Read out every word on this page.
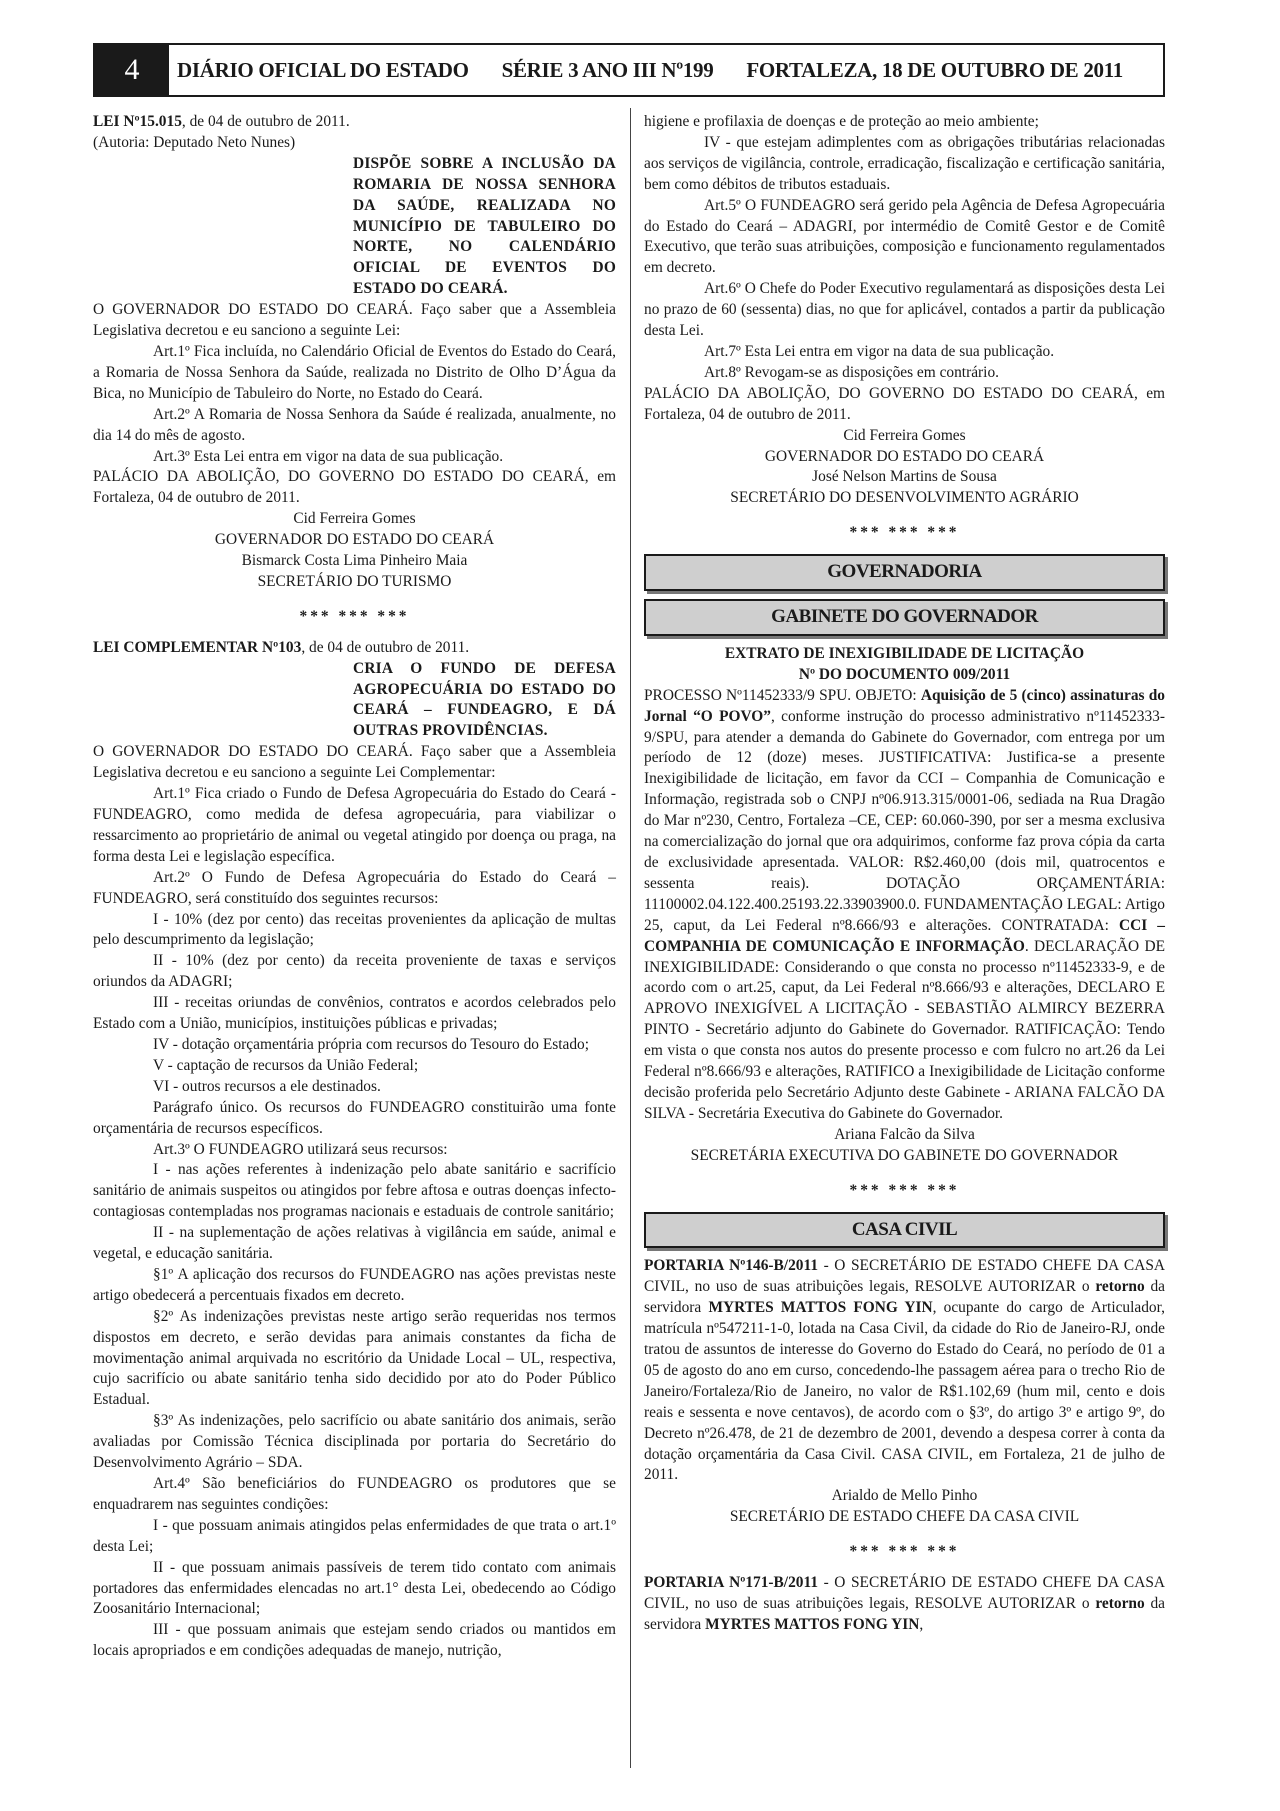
4	DIÁRIO OFICIAL DO ESTADO SÉRIE 3 ANO III Nº199 FORTALEZA, 18 DE OUTUBRO DE 2011

LEI Nº15.015, de 04 de outubro de 2011.

(Autoria: Deputado Neto Nunes)

DISPÕE SOBRE A INCLUSÃO DA ROMARIA DE NOSSA SENHORA DA SAÚDE, REALIZADA NO MUNICÍPIO DE TABULEIRO DO NORTE, NO CALENDÁRIO OFICIAL DE EVENTOS DO ESTADO DO CEARÁ.

O GOVERNADOR DO ESTADO DO CEARÁ. Faço saber que a Assembleia Legislativa decretou e eu sanciono a seguinte Lei:

Art.1º Fica incluída, no Calendário Oficial de Eventos do Estado do Ceará, a Romaria de Nossa Senhora da Saúde, realizada no Distrito de Olho D’Água da Bica, no Município de Tabuleiro do Norte, no Estado do Ceará.

Art.2º A Romaria de Nossa Senhora da Saúde é realizada, anualmente, no dia 14 do mês de agosto.

Art.3º Esta Lei entra em vigor na data de sua publicação.

PALÁCIO DA ABOLIÇÃO, DO GOVERNO DO ESTADO DO CEARÁ, em Fortaleza, 04 de outubro de 2011.

Cid Ferreira Gomes

GOVERNADOR DO ESTADO DO CEARÁ

Bismarck Costa Lima Pinheiro Maia

SECRETÁRIO DO TURISMO

*** *** ***

LEI COMPLEMENTAR Nº103, de 04 de outubro de 2011.

CRIA O FUNDO DE DEFESA AGROPECUÁRIA DO ESTADO DO CEARÁ – FUNDEAGRO, E DÁ OUTRAS PROVIDÊNCIAS.

O GOVERNADOR DO ESTADO DO CEARÁ. Faço saber que a Assembleia Legislativa decretou e eu sanciono a seguinte Lei Complementar:

Art.1º Fica criado o Fundo de Defesa Agropecuária do Estado do Ceará - FUNDEAGRO, como medida de defesa agropecuária, para viabilizar o ressarcimento ao proprietário de animal ou vegetal atingido por doença ou praga, na forma desta Lei e legislação específica.

Art.2º O Fundo de Defesa Agropecuária do Estado do Ceará – FUNDEAGRO, será constituído dos seguintes recursos:

I - 10% (dez por cento) das receitas provenientes da aplicação de multas pelo descumprimento da legislação;

II - 10% (dez por cento) da receita proveniente de taxas e serviços oriundos da ADAGRI;

III - receitas oriundas de convênios, contratos e acordos celebrados pelo Estado com a União, municípios, instituições públicas e privadas;

IV - dotação orçamentária própria com recursos do Tesouro do Estado;

V - captação de recursos da União Federal;

VI - outros recursos a ele destinados.

Parágrafo único. Os recursos do FUNDEAGRO constituirão uma fonte orçamentária de recursos específicos.

Art.3º O FUNDEAGRO utilizará seus recursos:

I - nas ações referentes à indenização pelo abate sanitário e sacrifício sanitário de animais suspeitos ou atingidos por febre aftosa e outras doenças infecto-contagiosas contempladas nos programas nacionais e estaduais de controle sanitário;

II - na suplementação de ações relativas à vigilância em saúde, animal e vegetal, e educação sanitária.

§1º A aplicação dos recursos do FUNDEAGRO nas ações previstas neste artigo obedecerá a percentuais fixados em decreto.

§2º As indenizações previstas neste artigo serão requeridas nos termos dispostos em decreto, e serão devidas para animais constantes da ficha de movimentação animal arquivada no escritório da Unidade Local – UL, respectiva, cujo sacrifício ou abate sanitário tenha sido decidido por ato do Poder Público Estadual.

§3º As indenizações, pelo sacrifício ou abate sanitário dos animais, serão avaliadas por Comissão Técnica disciplinada por portaria do Secretário do Desenvolvimento Agrário – SDA.

Art.4º São beneficiários do FUNDEAGRO os produtores que se enquadrarem nas seguintes condições:

I - que possuam animais atingidos pelas enfermidades de que trata o art.1º desta Lei;

II - que possuam animais passíveis de terem tido contato com animais portadores das enfermidades elencadas no art.1° desta Lei, obedecendo ao Código Zoosanitário Internacional;

III - que possuam animais que estejam sendo criados ou mantidos em locais apropriados e em condições adequadas de manejo, nutrição,

higiene e profilaxia de doenças e de proteção ao meio ambiente;

IV - que estejam adimplentes com as obrigações tributárias relacionadas aos serviços de vigilância, controle, erradicação, fiscalização e certificação sanitária, bem como débitos de tributos estaduais.

Art.5º O FUNDEAGRO será gerido pela Agência de Defesa Agropecuária do Estado do Ceará – ADAGRI, por intermédio de Comitê Gestor e de Comitê Executivo, que terão suas atribuições, composição e funcionamento regulamentados em decreto.

Art.6º O Chefe do Poder Executivo regulamentará as disposições desta Lei no prazo de 60 (sessenta) dias, no que for aplicável, contados a partir da publicação desta Lei.

Art.7º Esta Lei entra em vigor na data de sua publicação.

Art.8º Revogam-se as disposições em contrário.

PALÁCIO DA ABOLIÇÃO, DO GOVERNO DO ESTADO DO CEARÁ, em Fortaleza, 04 de outubro de 2011.

Cid Ferreira Gomes

GOVERNADOR DO ESTADO DO CEARÁ

José Nelson Martins de Sousa

SECRETÁRIO DO DESENVOLVIMENTO AGRÁRIO

*** *** ***

GOVERNADORIA
GABINETE DO GOVERNADOR

EXTRATO DE INEXIGIBILIDADE DE LICITAÇÃO

Nº DO DOCUMENTO 009/2011

PROCESSO Nº11452333/9 SPU. OBJETO: Aquisição de 5 (cinco) assinaturas do Jornal “O POVO”, conforme instrução do processo administrativo nº11452333-9/SPU, para atender a demanda do Gabinete do Governador, com entrega por um período de 12 (doze) meses. JUSTIFICATIVA: Justifica-se a presente Inexigibilidade de licitação, em favor da CCI – Companhia de Comunicação e Informação, registrada sob o CNPJ nº06.913.315/0001-06, sediada na Rua Dragão do Mar nº230, Centro, Fortaleza –CE, CEP: 60.060-390, por ser a mesma exclusiva na comercialização do jornal que ora adquirimos, conforme faz prova cópia da carta de exclusividade apresentada. VALOR: R$2.460,00 (dois mil, quatrocentos e sessenta reais). DOTAÇÃO ORÇAMENTÁRIA: 11100002.04.122.400.25193.22.33903900.0. FUNDAMENTAÇÃO LEGAL: Artigo 25, caput, da Lei Federal nº8.666/93 e alterações. CONTRATADA: CCI – COMPANHIA DE COMUNICAÇÃO E INFORMAÇÃO. DECLARAÇÃO DE INEXIGIBILIDADE: Considerando o que consta no processo nº11452333-9, e de acordo com o art.25, caput, da Lei Federal nº8.666/93 e alterações, DECLARO E APROVO INEXIGÍVEL A LICITAÇÃO - SEBASTIÃO ALMIRCY BEZERRA PINTO - Secretário adjunto do Gabinete do Governador. RATIFICAÇÃO: Tendo em vista o que consta nos autos do presente processo e com fulcro no art.26 da Lei Federal nº8.666/93 e alterações, RATIFICO a Inexigibilidade de Licitação conforme decisão proferida pelo Secretário Adjunto deste Gabinete - ARIANA FALCÃO DA SILVA - Secretária Executiva do Gabinete do Governador.

Ariana Falcão da Silva

SECRETÁRIA EXECUTIVA DO GABINETE DO GOVERNADOR

*** *** ***

CASA CIVIL

PORTARIA Nº146-B/2011 - O SECRETÁRIO DE ESTADO CHEFE DA CASA CIVIL, no uso de suas atribuições legais, RESOLVE AUTORIZAR o retorno da servidora MYRTES MATTOS FONG YIN, ocupante do cargo de Articulador, matrícula nº547211-1-0, lotada na Casa Civil, da cidade do Rio de Janeiro-RJ, onde tratou de assuntos de interesse do Governo do Estado do Ceará, no período de 01 a 05 de agosto do ano em curso, concedendo-lhe passagem aérea para o trecho Rio de Janeiro/Fortaleza/Rio de Janeiro, no valor de R$1.102,69 (hum mil, cento e dois reais e sessenta e nove centavos), de acordo com o §3º, do artigo 3º e artigo 9º, do Decreto nº26.478, de 21 de dezembro de 2001, devendo a despesa correr à conta da dotação orçamentária da Casa Civil. CASA CIVIL, em Fortaleza, 21 de julho de 2011.

Arialdo de Mello Pinho

SECRETÁRIO DE ESTADO CHEFE DA CASA CIVIL

*** *** ***

PORTARIA Nº171-B/2011 - O SECRETÁRIO DE ESTADO CHEFE DA CASA CIVIL, no uso de suas atribuições legais, RESOLVE AUTORIZAR o retorno da servidora MYRTES MATTOS FONG YIN,
